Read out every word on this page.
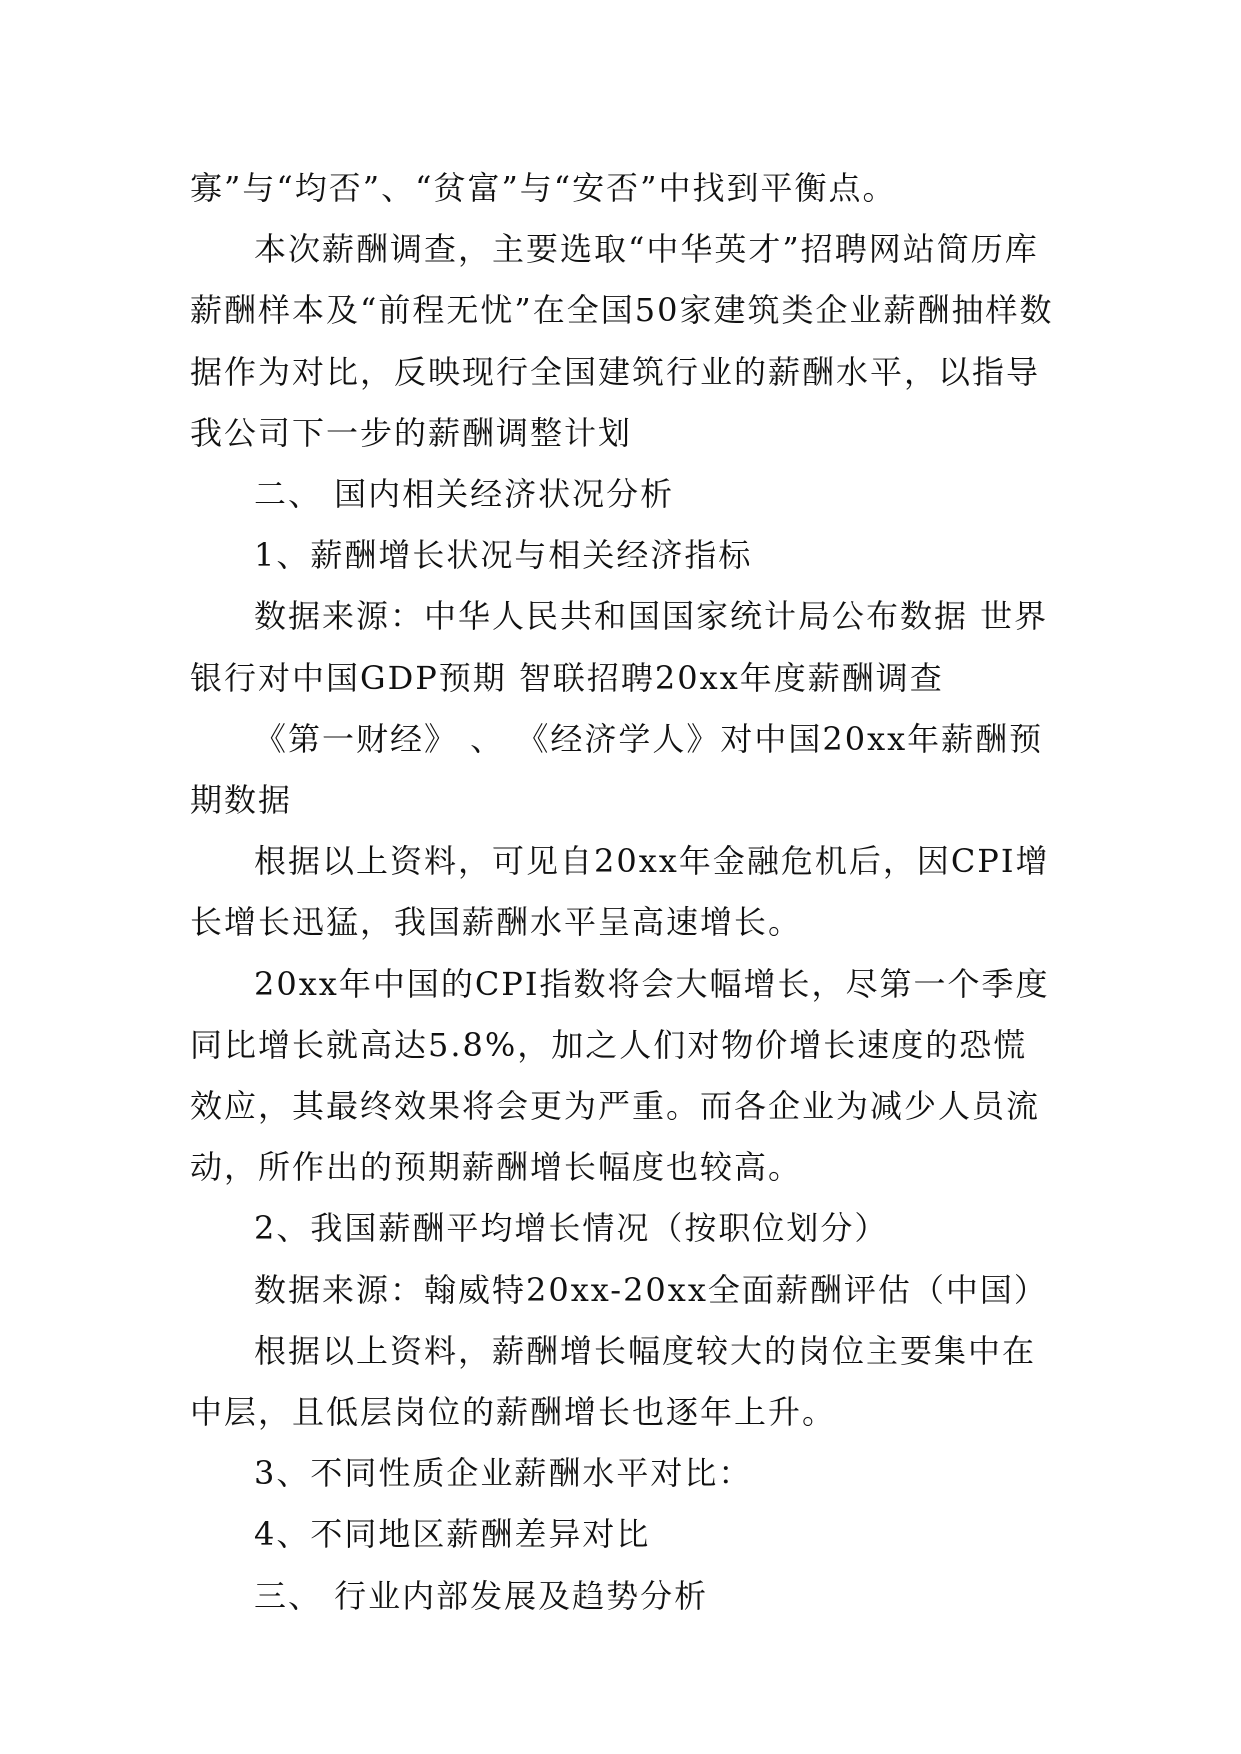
寡”与“均否”、“贫富”与“安否”中找到平衡点。

本次薪酬调查，主要选取“中华英才”招聘网站简历库薪酬样本及“前程无忧”在全国50家建筑类企业薪酬抽样数据作为对比，反映现行全国建筑行业的薪酬水平，以指导我公司下一步的薪酬调整计划

二、 国内相关经济状况分析

1、薪酬增长状况与相关经济指标

数据来源：中华人民共和国国家统计局公布数据 世界银行对中国GDP预期 智联招聘20xx年度薪酬调查

《第一财经》 、 《经济学人》对中国20xx年薪酬预期数据

根据以上资料，可见自20xx年金融危机后，因CPI增长增长迅猛，我国薪酬水平呈高速增长。

20xx年中国的CPI指数将会大幅增长，尽第一个季度同比增长就高达5.8%，加之人们对物价增长速度的恐慌效应，其最终效果将会更为严重。而各企业为减少人员流动，所作出的预期薪酬增长幅度也较高。

2、我国薪酬平均增长情况（按职位划分）

数据来源：翰威特20xx-20xx全面薪酬评估（中国）

根据以上资料，薪酬增长幅度较大的岗位主要集中在中层，且低层岗位的薪酬增长也逐年上升。

3、不同性质企业薪酬水平对比：

4、不同地区薪酬差异对比

三、 行业内部发展及趋势分析
